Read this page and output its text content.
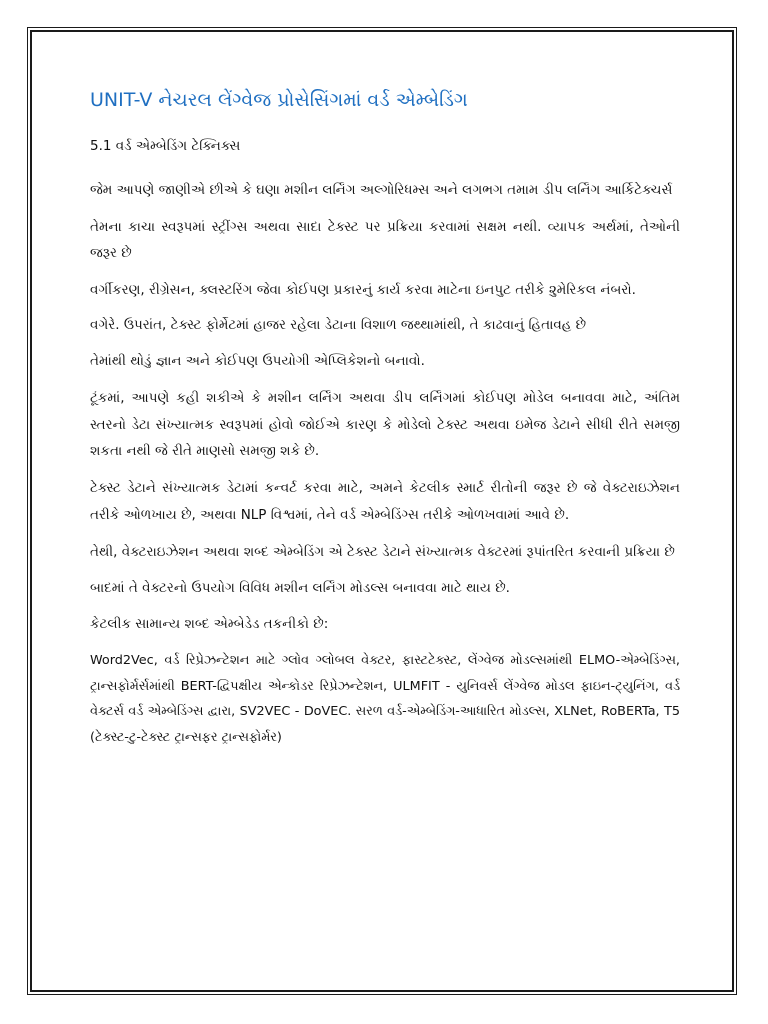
UNIT-V નેચરલ લેંગ્વેજ પ્રોસેસિંગમાં વર્ડ એમ્બેડિંગ
5.1 વર્ડ એમ્બેડિંગ ટેક્નિક્સ

જેમ આપણે જાણીએ છીએ કે ઘણા મશીન લર્નિંગ અલ્ગોરિધમ્સ અને લગભગ તમામ ડીપ લર્નિંગ આર્કિટેક્ચર્સ

તેમના કાચા સ્વરૂપમાં સ્ટ્રીંગ્સ અથવા સાદા ટેક્સ્ટ પર પ્રક્રિયા કરવામાં સક્ષમ નથી. વ્યાપક અર્થમાં, તેઓની જરૂર છે

વર્ગીકરણ, રીગ્રેસન, ક્લસ્ટરિંગ જેવા કોઈપણ પ્રકારનું કાર્ય કરવા માટેના ઇનપુટ તરીકે ૨ુમેરિકલ નંબરો.

વગેરે. ઉપરાંત, ટેક્સ્ટ ફોર્મેટમાં હાજર રહેલા ડેટાના વિશાળ જથ્થામાંથી, તે કાઢવાનું હિતાવહ છે

તેમાંથી થોડું જ્ઞાન અને કોઈપણ ઉપયોગી એપ્લિકેશનો બનાવો.

ટૂંકમાં, આપણે કહી શકીએ કે મશીન લર્નિંગ અથવા ડીપ લર્નિંગમાં કોઈપણ મોડેલ બનાવવા માટે, અંતિમ સ્તરનો ડેટા સંખ્યાત્મક સ્વરૂપમાં હોવો જોઈએ કારણ કે મોડેલો ટેક્સ્ટ અથવા ઇમેજ ડેટાને સીધી રીતે સમજી શકતા નથી જે રીતે માણસો સમજી શકે છે.

ટેક્સ્ટ ડેટાને સંખ્યાત્મક ડેટામાં કન્વર્ટ કરવા માટે, અમને કેટલીક સ્માર્ટ રીતોની જરૂર છે જે વેક્ટરાઇઝેશન તરીકે ઓળખાય છે, અથવા NLP વિશ્વમાં, તેને વર્ડ એમ્બેડિંગ્સ તરીકે ઓળખવામાં આવે છે.

તેથી, વેક્ટરાઇઝેશન અથવા શબ્દ એમ્બેડિંગ એ ટેક્સ્ટ ડેટાને સંખ્યાત્મક વેક્ટરમાં રૂપાંતરિત કરવાની પ્રક્રિયા છે

બાદમાં તે વેક્ટરનો ઉપયોગ વિવિધ મશીન લર્નિંગ મોડલ્સ બનાવવા માટે થાય છે.

કેટલીક સામાન્ય શબ્દ એમ્બેડેડ તકનીકો છે:

Word2Vec, વર્ડ રિપ્રેઝન્ટેશન માટે ગ્લોવ ગ્લોબલ વેક્ટર, ફાસ્ટટેક્સ્ટ, લેંગ્વેજ મોડલ્સમાંથી ELMO-એમ્બેડિંગ્સ, ટ્રાન્સફોર્મર્સમાંથી BERT-દ્વિપક્ષીય એન્કોડર રિપ્રેઝન્ટેશન, ULMFIT - યુનિવર્સ લેંગ્વેજ મોડલ ફાઇન-ટ્યુનિંગ, વર્ડ વેક્ટર્સ વર્ડ એમ્બેડિંગ્સ દ્વારા, SV2VEC - DoVEC. સરળ વર્ડ-એમ્બેડિંગ-આધારિત મોડલ્સ, XLNet, RoBERTa, T5 (ટેક્સ્ટ-ટુ-ટેક્સ્ટ ટ્રાન્સફર ટ્રાન્સફોર્મર)
